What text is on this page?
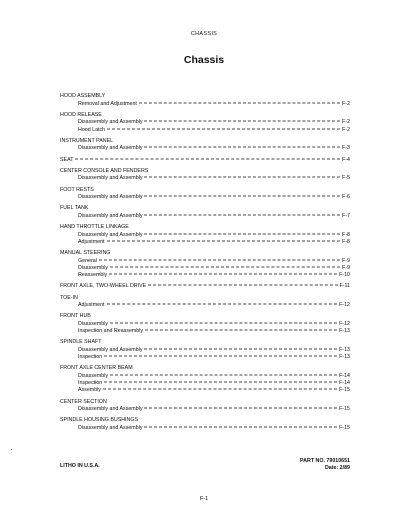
CHASSIS
Chassis
HOOD ASSEMBLY
Removal and Adjustment	F-2
HOOD RELEASE
Disassembly and Assembly	F-2
Hood Latch	F-2
INSTRUMENT PANEL
Disassembly and Assembly	F-3
SEAT	F-4
CENTER CONSOLE AND FENDERS
Disassembly and Assembly	F-5
FOOT RESTS
Disassembly and Assembly	F-6
FUEL TANK
Disassembly and Assembly	F-7
HAND THROTTLE LINKAGE
Disassembly and Assembly	F-8
Adjustment	F-8
MANUAL STEERING
General	F-9
Disassembly	F-9
Reassembly	F-10
FRONT AXLE, TWO-WHEEL DRIVE	F-11
TOE-IN
Adjustment	F-12
FRONT HUB
Disassembly	F-12
Inspection and Reassembly	F-13
SPINDLE SHAFT
Disassembly and Assembly	F-13
Inspection	F-13
FRONT AXLE CENTER BEAM
Disassembly	F-14
Inspection	F-14
Assembly	F-15
CENTER SECTION
Disassembly and Assembly	F-15
SPINDLE HOUSING BUSHINGS
Disassembly and Assembly	F-15
LITHO IN U.S.A.
PART NO. 79010651
Date: 2/89
F-1
